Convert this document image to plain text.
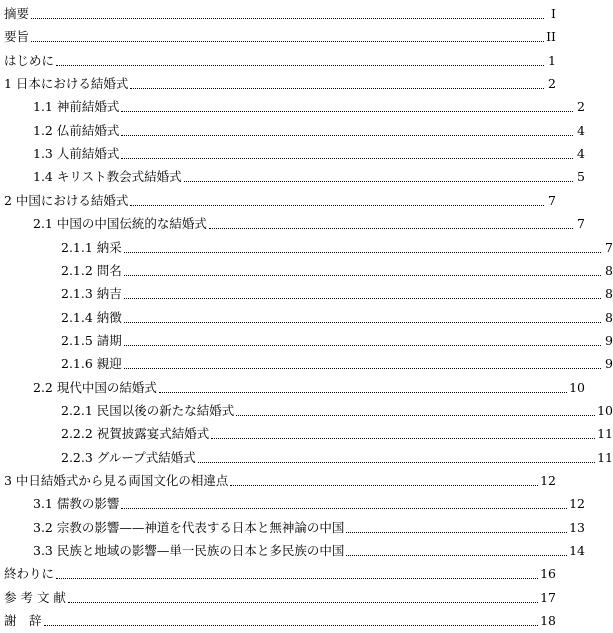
摘要	I
要旨	II
はじめに	1
1 日本における結婚式	2
1.1 神前結婚式	2
1.2 仏前結婚式	4
1.3 人前結婚式	4
1.4 キリスト教会式結婚式	5
2 中国における結婚式	7
2.1 中国の中国伝統的な結婚式	7
2.1.1 納采	7
2.1.2 問名	8
2.1.3 納吉	8
2.1.4 納徴	8
2.1.5 請期	9
2.1.6 親迎	9
2.2 現代中国の結婚式	10
2.2.1 民国以後の新たな結婚式	10
2.2.2 祝賀披露宴式結婚式	11
2.2.3 グループ式結婚式	11
3 中日結婚式から見る両国文化の相違点	12
3.1 儒教の影響	12
3.2 宗教の影響——神道を代表する日本と無神論の中国	13
3.3 民族と地域の影響—単一民族の日本と多民族の中国	14
終わりに	16
参 考 文 献	17
謝　辞	18
